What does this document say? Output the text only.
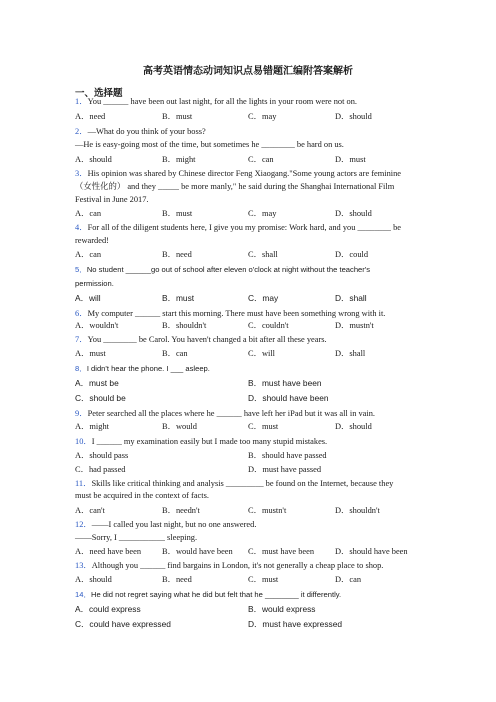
高考英语情态动词知识点易错题汇编附答案解析
一、选择题
1．You ______ have been out last night, for all the lights in your room were not on.
A．need	B．must	C．may	D．should
2．—What do you think of your boss?
—He is easy-going most of the time, but sometimes he ________ be hard on us.
A．should	B．might	C．can	D．must
3．His opinion was shared by Chinese director Feng Xiaogang."Some young actors are feminine
（女性化的） and they _____ be more manly," he said during the Shanghai International Film
Festival in June 2017.
A．can	B．must	C．may	D．should
4．For all of the diligent students here, I give you my promise: Work hard, and you ________ be
rewarded!
A．can	B．need	C．shall	D．could
5．No student ______go out of school after eleven o'clock at night without the teacher's
permission.
A．will	B．must	C．may	D．shall
6．My computer ______ start this morning. There must have been something wrong with it.
A．wouldn't	B．shouldn't	C．couldn't	D．mustn't
7．You ________ be Carol. You haven't changed a bit after all these years.
A．must	B．can	C．will	D．shall
8．I didn't hear the phone. I ___ asleep.
A．must be	B．must have been
C．should be	D．should have been
9．Peter searched all the places where he ______ have left her iPad but it was all in vain.
A．might	B．would	C．must	D．should
10．I ______ my examination easily but I made too many stupid mistakes.
A．should pass	B．should have passed
C．had passed	D．must have passed
11．Skills like critical thinking and analysis _________ be found on the Internet, because they
must be acquired in the context of facts.
A．can't	B．needn't	C．mustn't	D．shouldn't
12．——I called you last night, but no one answered.
——Sorry, I ___________ sleeping.
A．need have been B．would have been C．must have been D．should have been
13．Although you ______ find bargains in London, it's not generally a cheap place to shop.
A．should	B．need	C．must	D．can
14．He did not regret saying what he did but felt that he ________ it differently.
A．could express	B．would express
C．could have expressed	D．must have expressed
